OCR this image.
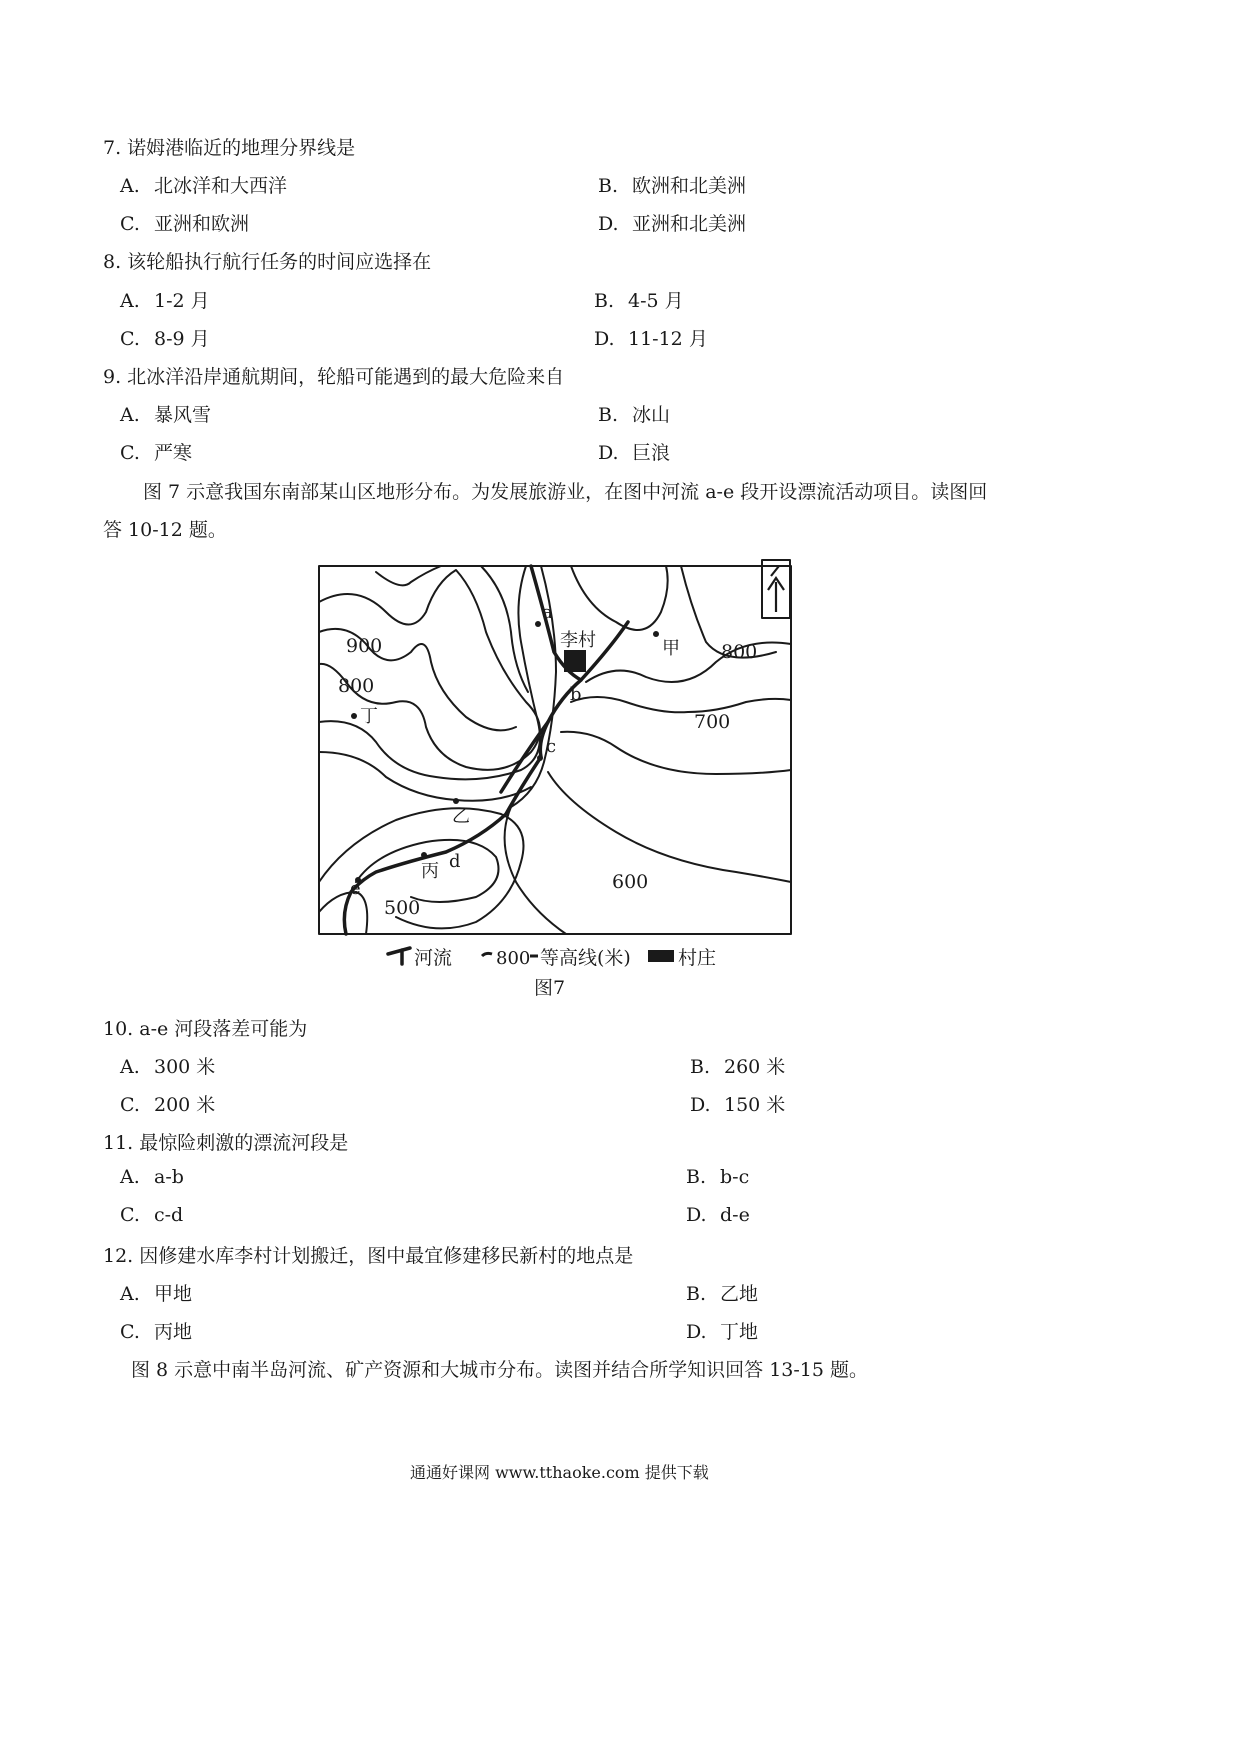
7. 诺姆港临近的地理分界线是
A. 北冰洋和大西洋	B. 欧洲和北美洲
C. 亚洲和欧洲	D. 亚洲和北美洲
8. 该轮船执行航行任务的时间应选择在
A. 1-2 月	B. 4-5 月
C. 8-9 月	D. 11-12 月
9. 北冰洋沿岸通航期间，轮船可能遇到的最大危险来自
A. 暴风雪	B. 冰山
C. 严寒	D. 巨浪
图 7 示意我国东南部某山区地形分布。为发展旅游业，在图中河流 a-e 段开设漂流活动项目。读图回
答 10-12 题。
900
800
800
700
600
500
a
b
c
d
e
甲
乙
丙
丁
李村
河流 800 等高线(米) 村庄
图7
10. a-e 河段落差可能为
A. 300 米	B. 260 米
C. 200 米	D. 150 米
11. 最惊险刺激的漂流河段是
A. a-b	B. b-c
C. c-d	D. d-e
12. 因修建水库李村计划搬迁，图中最宜修建移民新村的地点是
A. 甲地	B. 乙地
C. 丙地	D. 丁地
图 8 示意中南半岛河流、矿产资源和大城市分布。读图并结合所学知识回答 13-15 题。
通通好课网 www.tthaoke.com 提供下载
